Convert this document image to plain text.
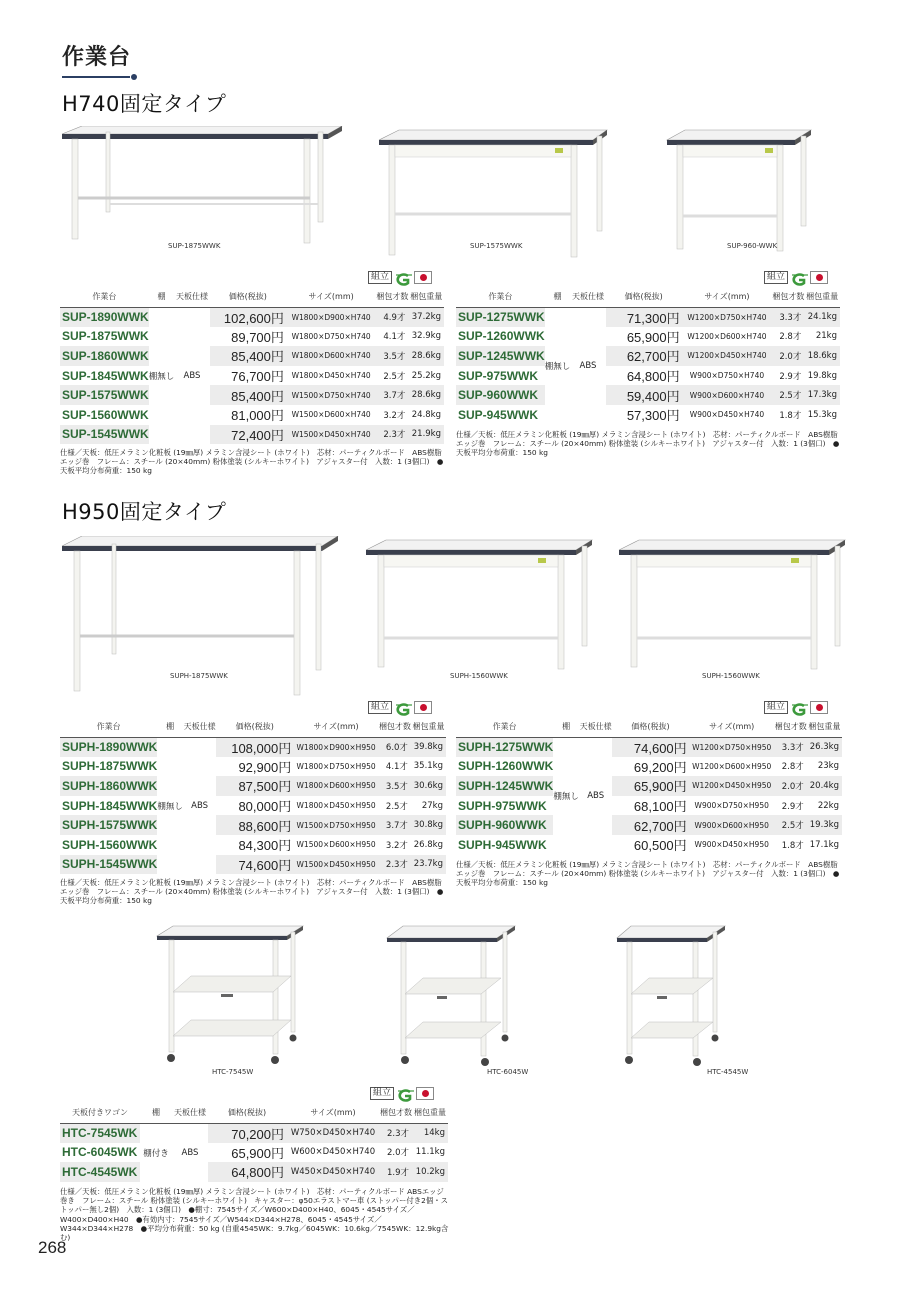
作業台
H740固定タイプ
SUP-1875WWK	SUP-1575WWK	SUP-960-WWK
組立	組立
作業台	棚	天板仕様	価格(税抜)	サイズ(mm)	梱包才数	梱包重量
SUP-1890WWK	棚無し	ABS	102,600円	W1800×D900×H740	4.9才	37.2kg
SUP-1875WWK			89,700円	W1800×D750×H740	4.1才	32.9kg
SUP-1860WWK			85,400円	W1800×D600×H740	3.5才	28.6kg
SUP-1845WWK			76,700円	W1800×D450×H740	2.5才	25.2kg
SUP-1575WWK			85,400円	W1500×D750×H740	3.7才	28.6kg
SUP-1560WWK			81,000円	W1500×D600×H740	3.2才	24.8kg
SUP-1545WWK			72,400円	W1500×D450×H740	2.3才	21.9kg
作業台	棚	天板仕様	価格(税抜)	サイズ(mm)	梱包才数	梱包重量
SUP-1275WWK	棚無し	ABS	71,300円	W1200×D750×H740	3.3才	24.1kg
SUP-1260WWK			65,900円	W1200×D600×H740	2.8才	21kg
SUP-1245WWK			62,700円	W1200×D450×H740	2.0才	18.6kg
SUP-975WWK			64,800円	W900×D750×H740	2.9才	19.8kg
SUP-960WWK			59,400円	W900×D600×H740	2.5才	17.3kg
SUP-945WWK			57,300円	W900×D450×H740	1.8才	15.3kg
仕様／天板：低圧メラミン化粧板 (19㎜厚) メラミン含浸シート (ホワイト)　芯材：パーティクルボード　ABS樹脂エッジ巻　フレーム：スチール (20×40mm) 粉体塗装 (シルキーホワイト)　アジャスター付　入数：1 (3個口)　●天板平均分布荷重：150 kg
仕様／天板：低圧メラミン化粧板 (19㎜厚) メラミン含浸シート (ホワイト)　芯材：パーティクルボード　ABS樹脂エッジ巻　フレーム：スチール (20×40mm) 粉体塗装 (シルキーホワイト)　アジャスター付　入数：1 (3個口)　●天板平均分布荷重：150 kg
H950固定タイプ
SUPH-1875WWK	SUPH-1560WWK	SUPH-1560WWK
組立	組立
作業台	棚	天板仕様	価格(税抜)	サイズ(mm)	梱包才数	梱包重量
SUPH-1890WWK	棚無し	ABS	108,000円	W1800×D900×H950	6.0才	39.8kg
SUPH-1875WWK			92,900円	W1800×D750×H950	4.1才	35.1kg
SUPH-1860WWK			87,500円	W1800×D600×H950	3.5才	30.6kg
SUPH-1845WWK			80,000円	W1800×D450×H950	2.5才	27kg
SUPH-1575WWK			88,600円	W1500×D750×H950	3.7才	30.8kg
SUPH-1560WWK			84,300円	W1500×D600×H950	3.2才	26.8kg
SUPH-1545WWK			74,600円	W1500×D450×H950	2.3才	23.7kg
作業台	棚	天板仕様	価格(税抜)	サイズ(mm)	梱包才数	梱包重量
SUPH-1275WWK	棚無し	ABS	74,600円	W1200×D750×H950	3.3才	26.3kg
SUPH-1260WWK			69,200円	W1200×D600×H950	2.8才	23kg
SUPH-1245WWK			65,900円	W1200×D450×H950	2.0才	20.4kg
SUPH-975WWK			68,100円	W900×D750×H950	2.9才	22kg
SUPH-960WWK			62,700円	W900×D600×H950	2.5才	19.3kg
SUPH-945WWK			60,500円	W900×D450×H950	1.8才	17.1kg
仕様／天板：低圧メラミン化粧板 (19㎜厚) メラミン含浸シート (ホワイト)　芯材：パーティクルボード　ABS樹脂エッジ巻　フレーム：スチール (20×40mm) 粉体塗装 (シルキーホワイト)　アジャスター付　入数：1 (3個口)　●天板平均分布荷重：150 kg
仕様／天板：低圧メラミン化粧板 (19㎜厚) メラミン含浸シート (ホワイト)　芯材：パーティクルボード　ABS樹脂エッジ巻　フレーム：スチール (20×40mm) 粉体塗装 (シルキーホワイト)　アジャスター付　入数：1 (3個口)　●天板平均分布荷重：150 kg
HTC-7545W	HTC-6045W	HTC-4545W
組立
天板付きワゴン	棚	天板仕様	価格(税抜)	サイズ(mm)	梱包才数	梱包重量
HTC-7545WK	棚付き	ABS	70,200円	W750×D450×H740	2.3才	14kg
HTC-6045WK			65,900円	W600×D450×H740	2.0才	11.1kg
HTC-4545WK			64,800円	W450×D450×H740	1.9才	10.2kg
仕様／天板：低圧メラミン化粧板 (19㎜厚) メラミン含浸シート (ホワイト)　芯材：パーティクルボード ABSエッジ巻き　フレーム：スチール 粉体塗装 (シルキーホワイト)　キャスター：φ50エラストマー車 (ストッパー付き2個・ストッパー無し2個)　入数：1 (3個口)　●棚寸：7545サイズ／W600×D400×H40、6045・4545サイズ／W400×D400×H40　●有効内寸：7545サイズ／W544×D344×H278、6045・4545サイズ／W344×D344×H278　●平均分布荷重：50 kg (自重4545WK：9.7kg／6045WK：10.6kg／7545WK：12.9kg含む)
268
